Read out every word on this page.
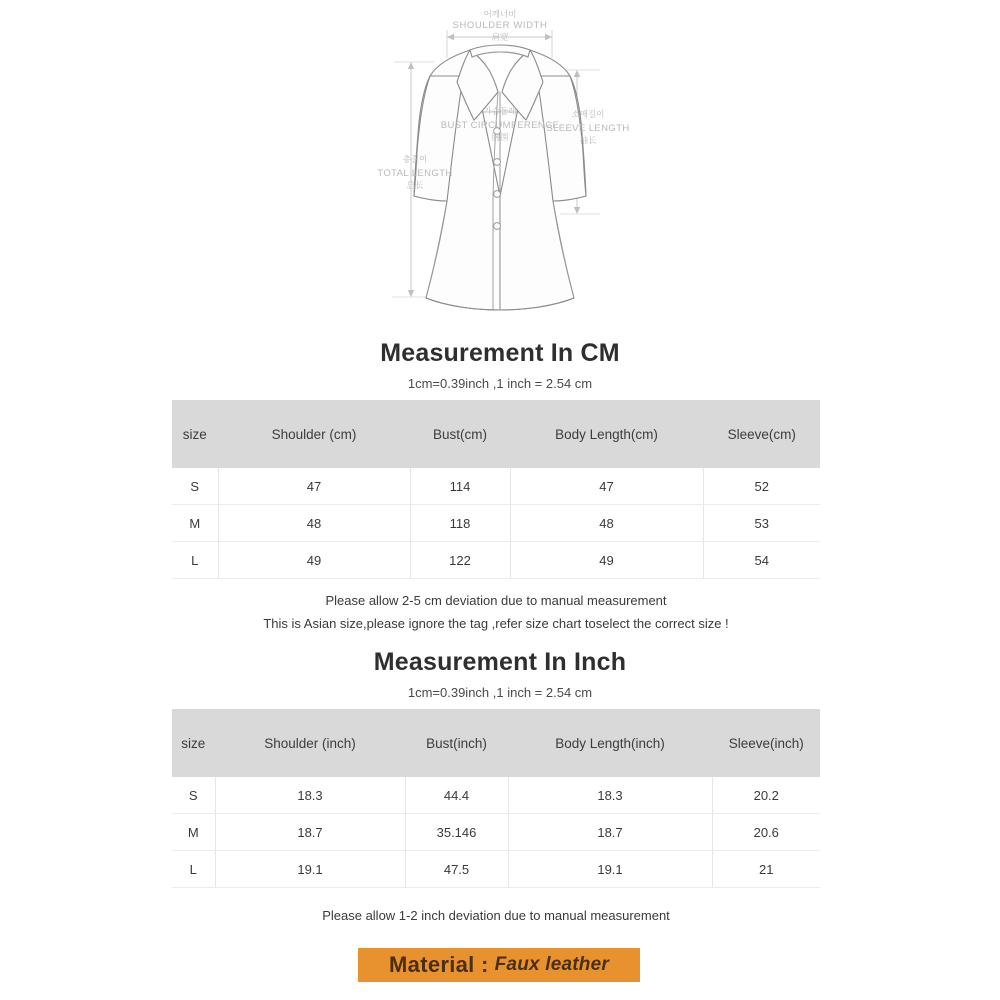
어깨너비
SHOULDER WIDTH
肩宽
가슴둘레
BUST CIRCUMFERENCE
胸围
소매길이
SLEEVE LENGTH
袖长
총길이
TOTAL LENGTH
总长

Measurement In CM

1cm=0.39inch ,1 inch = 2.54 cm

size	Shoulder (cm)	Bust(cm)	Body Length(cm)	Sleeve(cm)
S	47	114	47	52
M	48	118	48	53
L	49	122	49	54

Please allow 2-5 cm deviation due to manual measurement
This is Asian size,please ignore the tag ,refer size chart toselect the correct size !				

Measurement In Inch

1cm=0.39inch ,1 inch = 2.54 cm

size	Shoulder (inch)	Bust(inch)	Body Length(inch)	Sleeve(inch)
S	18.3	44.4	18.3	20.2
M	18.7	35.146	18.7	20.6
L	19.1	47.5	19.1	21

Please allow 1-2 inch deviation due to manual measurement				
Material : Faux leather
